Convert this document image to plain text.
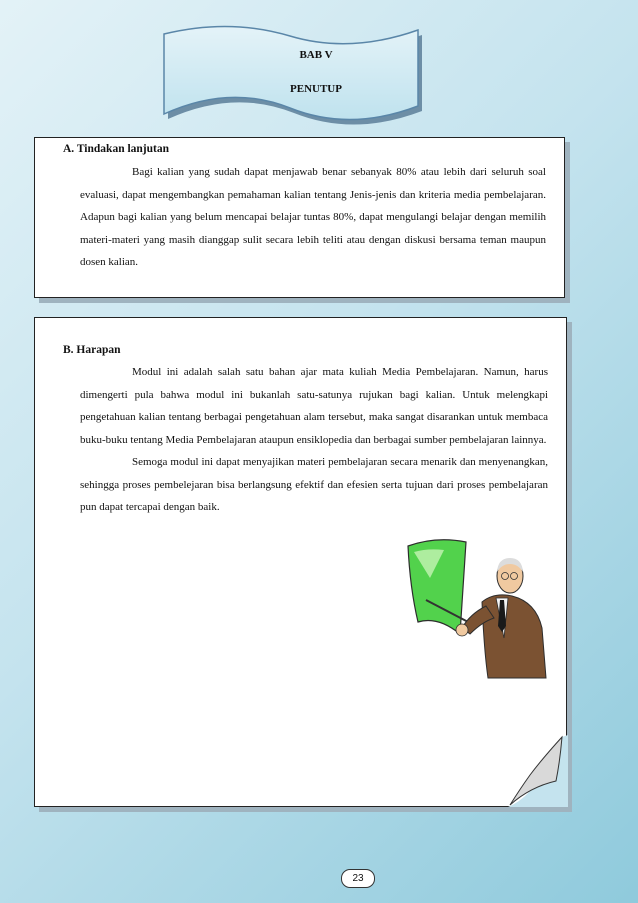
BAB V
PENUTUP
A. Tindakan lanjutan

Bagi kalian yang sudah dapat menjawab benar sebanyak 80% atau lebih dari seluruh soal evaluasi, dapat mengembangkan pemahaman kalian tentang Jenis-jenis dan kriteria media pembelajaran. Adapun bagi kalian yang belum mencapai belajar tuntas 80%, dapat mengulangi belajar dengan memilih materi-materi yang masih dianggap sulit secara lebih teliti atau dengan diskusi bersama teman maupun dosen kalian.

B. Harapan

Modul ini adalah salah satu bahan ajar mata kuliah Media Pembelajaran. Namun, harus dimengerti pula bahwa modul ini bukanlah satu-satunya rujukan bagi kalian. Untuk melengkapi pengetahuan kalian tentang berbagai pengetahuan alam tersebut, maka sangat disarankan untuk membaca buku-buku tentang Media Pembelajaran ataupun ensiklopedia dan berbagai sumber pembelajaran lainnya.

Semoga modul ini dapat menyajikan materi pembelajaran secara menarik dan menyenangkan, sehingga proses pembelejaran bisa berlangsung efektif dan efesien serta tujuan dari proses pembelajaran pun dapat tercapai dengan baik.

23
